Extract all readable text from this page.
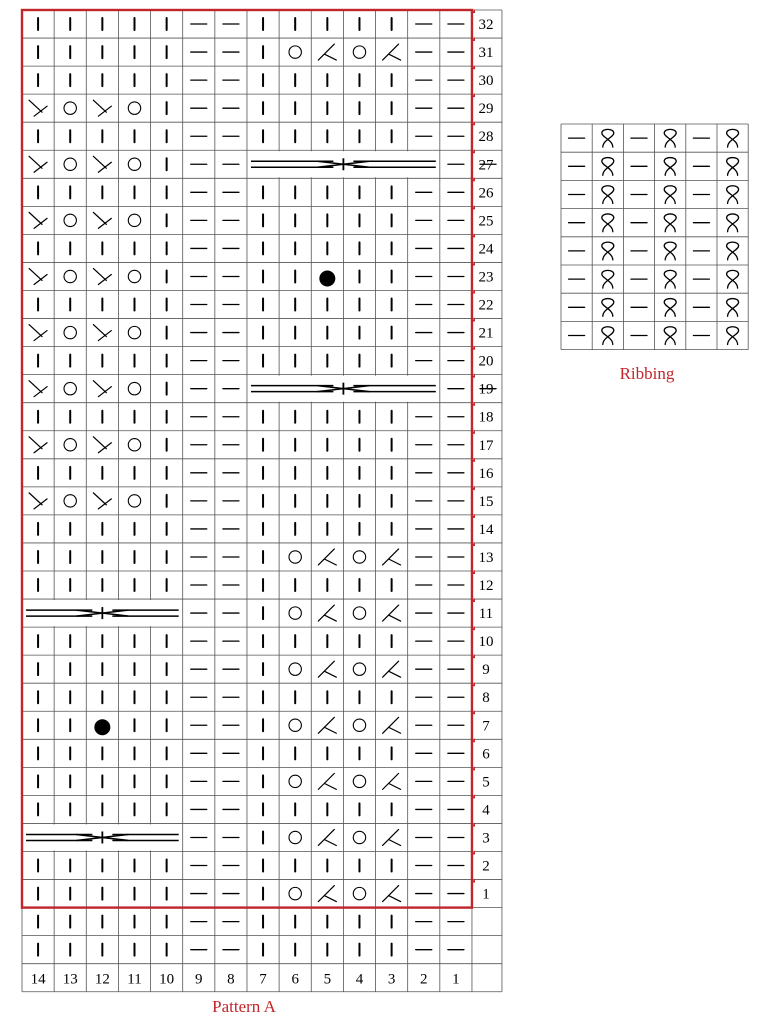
32
31
30
29
28
27
26
25
24
23
22
21
20
19
18
17
16
15
14
13
12
11
10
9
8
7
6
5
4
3
2
1
14 13 12 11 10 9 8 7 6 5 4 3 2 1
Pattern A
Ribbing
